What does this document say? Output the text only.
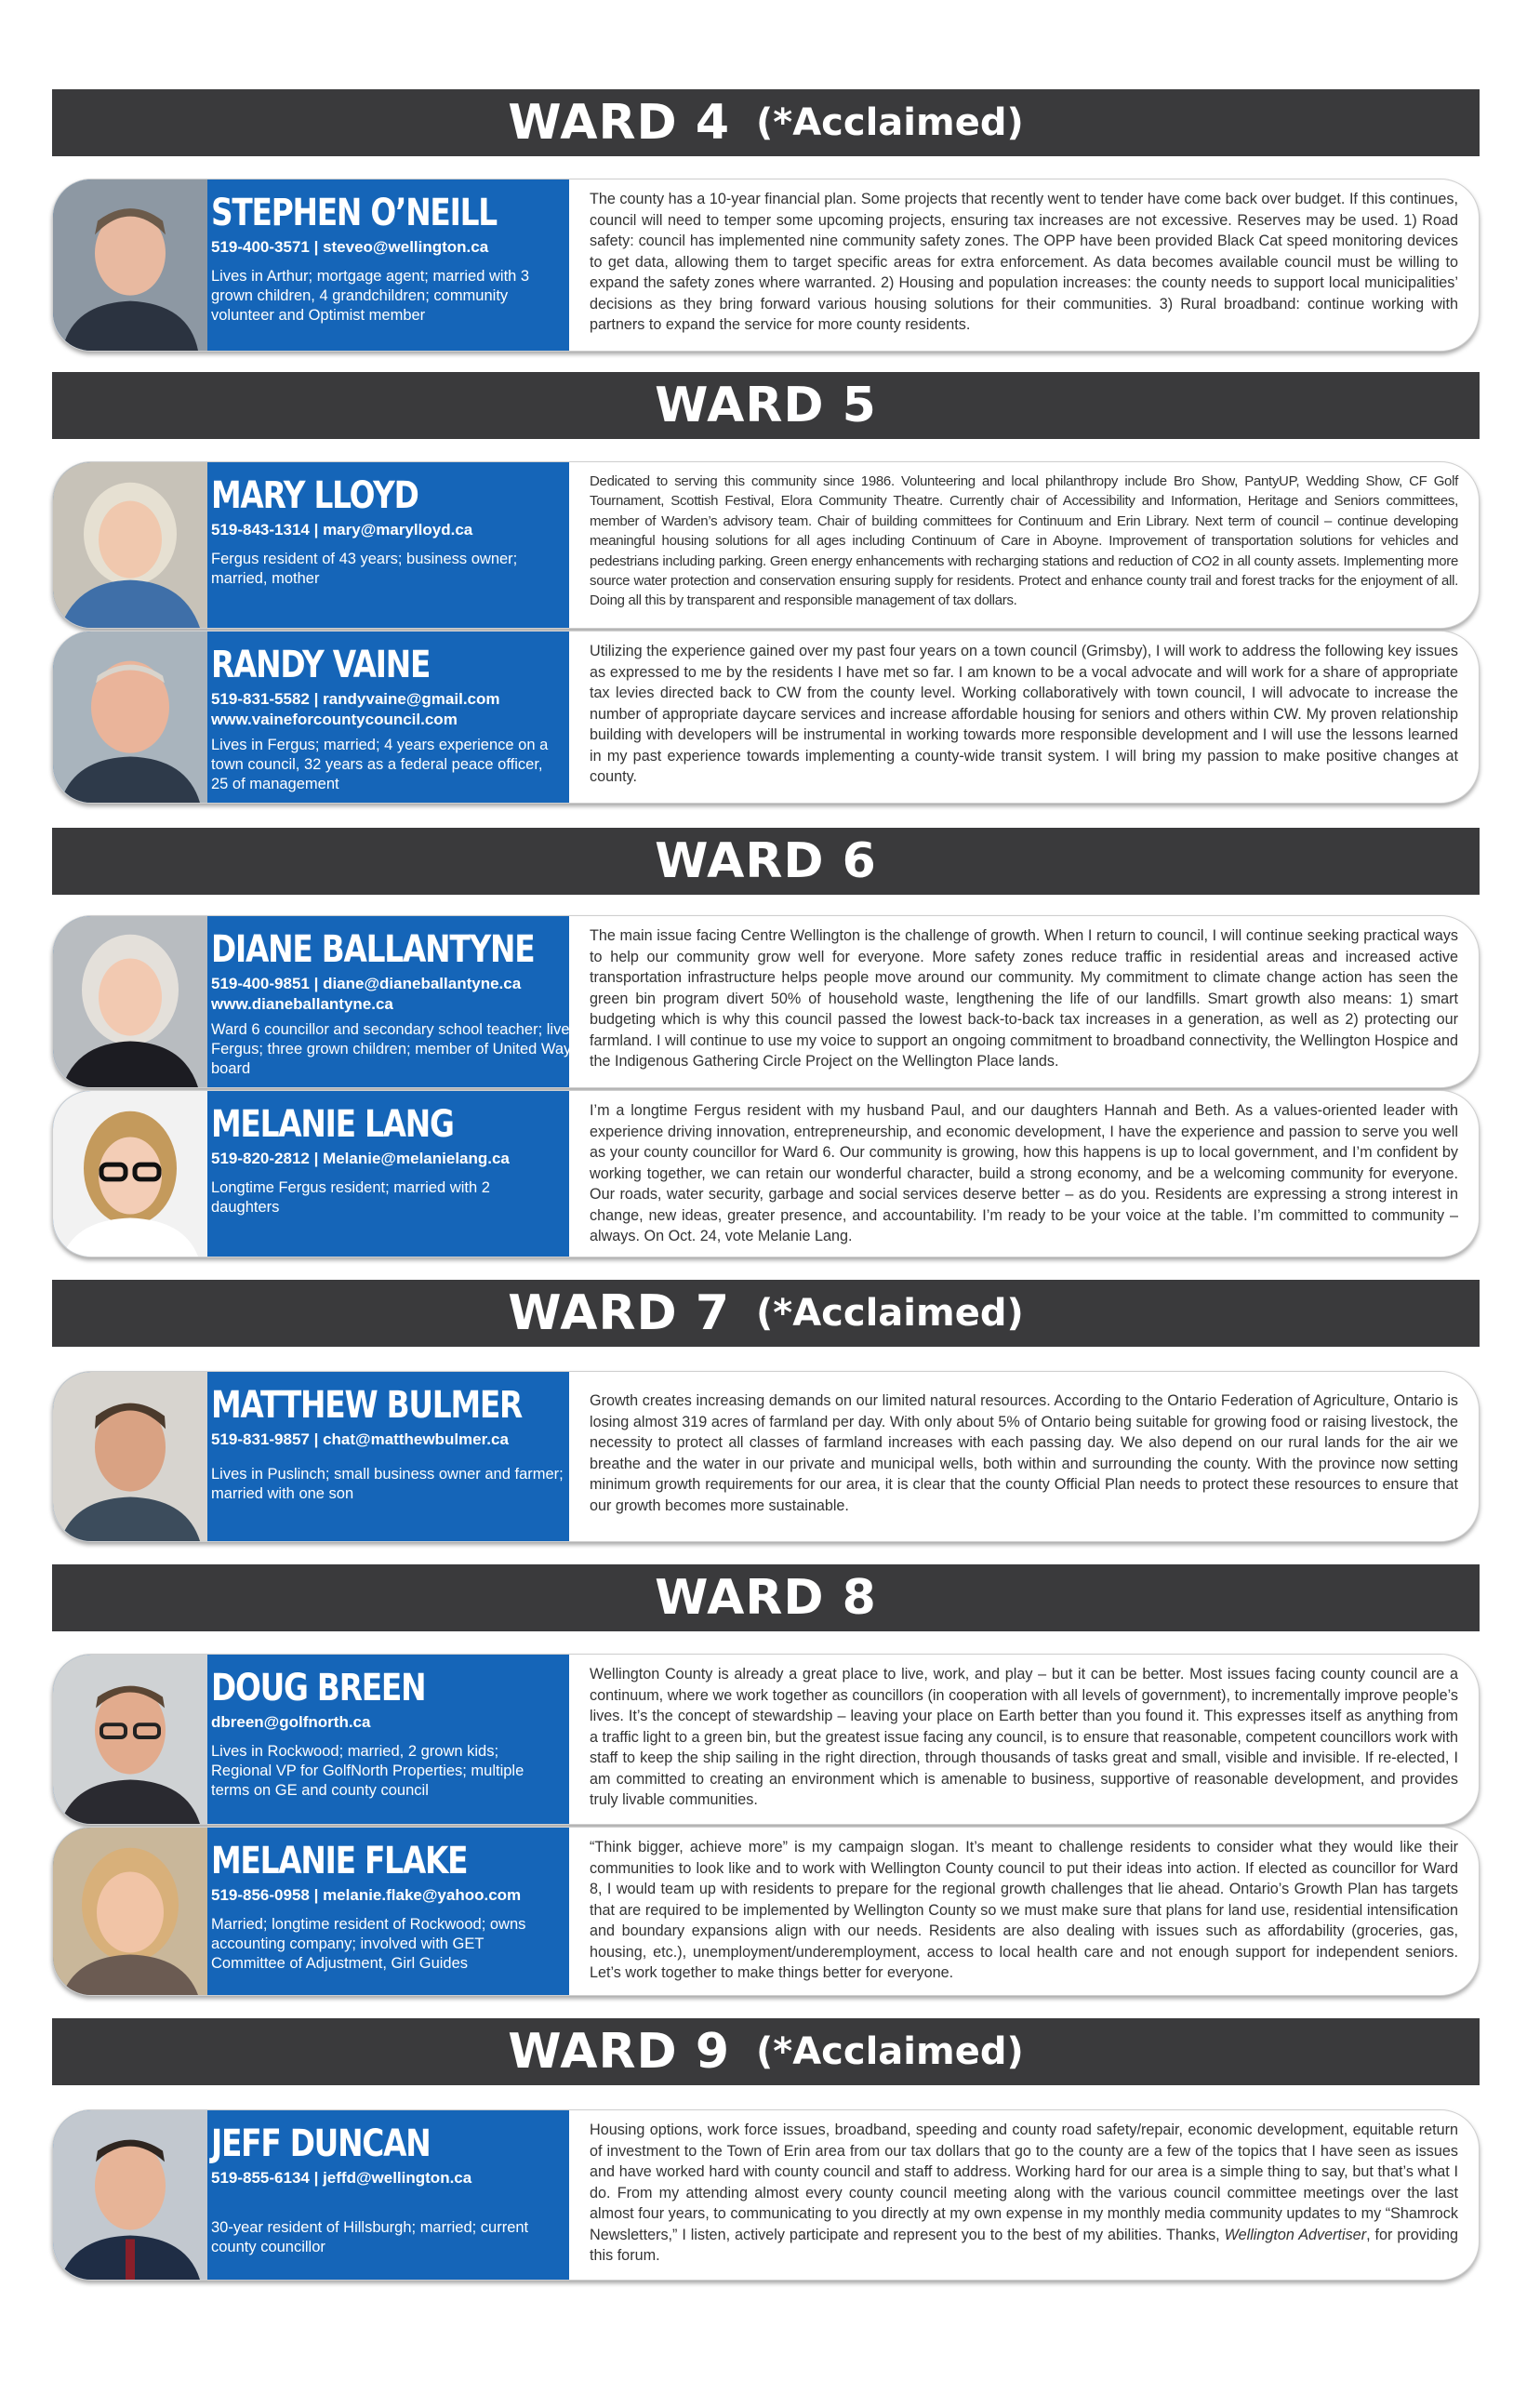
WARD 4 (*Acclaimed)
STEPHEN O’NEILL
519-400-3571 | steveo@wellington.ca
Lives in Arthur; mortgage agent; married with 3 grown children, 4 grandchildren; community volunteer and Optimist member
The county has a 10-year financial plan. Some projects that recently went to tender have come back over budget. If this continues, council will need to temper some upcoming projects, ensuring tax increases are not excessive. Reserves may be used. 1) Road safety: council has implemented nine community safety zones. The OPP have been provided Black Cat speed monitoring devices to get data, allowing them to target specific areas for extra enforcement. As data becomes available council must be willing to expand the safety zones where warranted. 2) Housing and population increases: the county needs to support local municipalities’ decisions as they bring forward various housing solutions for their communities. 3) Rural broadband: continue working with partners to expand the service for more county residents.
WARD 5
MARY LLOYD
519-843-1314 | mary@marylloyd.ca
Fergus resident of 43 years; business owner; married, mother
Dedicated to serving this community since 1986. Volunteering and local philanthropy include Bro Show, PantyUP, Wedding Show, CF Golf Tournament, Scottish Festival, Elora Community Theatre. Currently chair of Accessibility and Information, Heritage and Seniors committees, member of Warden’s advisory team. Chair of building committees for Continuum and Erin Library. Next term of council – continue developing meaningful housing solutions for all ages including Continuum of Care in Aboyne. Improvement of transportation solutions for vehicles and pedestrians including parking. Green energy enhancements with recharging stations and reduction of CO2 in all county assets. Implementing more source water protection and conservation ensuring supply for residents. Protect and enhance county trail and forest tracks for the enjoyment of all. Doing all this by transparent and responsible management of tax dollars.
RANDY VAINE
519-831-5582 | randyvaine@gmail.com
www.vaineforcountycouncil.com
Lives in Fergus; married; 4 years experience on a town council, 32 years as a federal peace officer, 25 of management
Utilizing the experience gained over my past four years on a town council (Grimsby), I will work to address the following key issues as expressed to me by the residents I have met so far. I am known to be a vocal advocate and will work for a share of appropriate tax levies directed back to CW from the county level. Working collaboratively with town council, I will advocate to increase the number of appropriate daycare services and increase affordable housing for seniors and others within CW. My proven relationship building with developers will be instrumental in working towards more responsible development and I will use the lessons learned in my past experience towards implementing a county-wide transit system. I will bring my passion to make positive changes at county.
WARD 6
DIANE BALLANTYNE
519-400-9851 | diane@dianeballantyne.ca
www.dianeballantyne.ca
Ward 6 councillor and secondary school teacher; lives in Fergus; three grown children; member of United Way board
The main issue facing Centre Wellington is the challenge of growth. When I return to council, I will continue seeking practical ways to help our community grow well for everyone. More safety zones reduce traffic in residential areas and increased active transportation infrastructure helps people move around our community. My commitment to climate change action has seen the green bin program divert 50% of household waste, lengthening the life of our landfills. Smart growth also means: 1) smart budgeting which is why this council passed the lowest back-to-back tax increases in a generation, as well as 2) protecting our farmland. I will continue to use my voice to support an ongoing commitment to broadband connectivity, the Wellington Hospice and the Indigenous Gathering Circle Project on the Wellington Place lands.
MELANIE LANG
519-820-2812 | Melanie@melanielang.ca
Longtime Fergus resident; married with 2 daughters
I’m a longtime Fergus resident with my husband Paul, and our daughters Hannah and Beth. As a values-oriented leader with experience driving innovation, entrepreneurship, and economic development, I have the experience and passion to serve you well as your county councillor for Ward 6. Our community is growing, how this happens is up to local government, and I’m confident by working together, we can retain our wonderful character, build a strong economy, and be a welcoming community for everyone. Our roads, water security, garbage and social services deserve better – as do you. Residents are expressing a strong interest in change, new ideas, greater presence, and accountability. I’m ready to be your voice at the table. I’m committed to community – always. On Oct. 24, vote Melanie Lang.
WARD 7 (*Acclaimed)
MATTHEW BULMER
519-831-9857 | chat@matthewbulmer.ca
Lives in Puslinch; small business owner and farmer; married with one son
Growth creates increasing demands on our limited natural resources. According to the Ontario Federation of Agriculture, Ontario is losing almost 319 acres of farmland per day. With only about 5% of Ontario being suitable for growing food or raising livestock, the necessity to protect all classes of farmland increases with each passing day. We also depend on our rural lands for the air we breathe and the water in our private and municipal wells, both within and surrounding the county. With the province now setting minimum growth requirements for our area, it is clear that the county Official Plan needs to protect these resources to ensure that our growth becomes more sustainable.
WARD 8
DOUG BREEN
dbreen@golfnorth.ca
Lives in Rockwood; married, 2 grown kids; Regional VP for GolfNorth Properties; multiple terms on GE and county council
Wellington County is already a great place to live, work, and play – but it can be better. Most issues facing county council are a continuum, where we work together as councillors (in cooperation with all levels of government), to incrementally improve people’s lives. It’s the concept of stewardship – leaving your place on Earth better than you found it. This expresses itself as anything from a traffic light to a green bin, but the greatest issue facing any council, is to ensure that reasonable, competent councillors work with staff to keep the ship sailing in the right direction, through thousands of tasks great and small, visible and invisible. If re-elected, I am committed to creating an environment which is amenable to business, supportive of reasonable development, and provides truly livable communities.
MELANIE FLAKE
519-856-0958 | melanie.flake@yahoo.com
Married; longtime resident of Rockwood; owns accounting company; involved with GET Committee of Adjustment, Girl Guides
“Think bigger, achieve more” is my campaign slogan. It’s meant to challenge residents to consider what they would like their communities to look like and to work with Wellington County council to put their ideas into action. If elected as councillor for Ward 8, I would team up with residents to prepare for the regional growth challenges that lie ahead. Ontario’s Growth Plan has targets that are required to be implemented by Wellington County so we must make sure that plans for land use, residential intensification and boundary expansions align with our needs. Residents are also dealing with issues such as affordability (groceries, gas, housing, etc.), unemployment/underemployment, access to local health care and not enough support for independent seniors. Let’s work together to make things better for everyone.
WARD 9 (*Acclaimed)
JEFF DUNCAN
519-855-6134 | jeffd@wellington.ca
30-year resident of Hillsburgh; married; current county councillor
Housing options, work force issues, broadband, speeding and county road safety/repair, economic development, equitable return of investment to the Town of Erin area from our tax dollars that go to the county are a few of the topics that I have seen as issues and have worked hard with county council and staff to address. Working hard for our area is a simple thing to say, but that’s what I do. From my attending almost every county council meeting along with the various council committee meetings over the last almost four years, to communicating to you directly at my own expense in my monthly media community updates to my “Shamrock Newsletters,” I listen, actively participate and represent you to the best of my abilities. Thanks, Wellington Advertiser, for providing this forum.
